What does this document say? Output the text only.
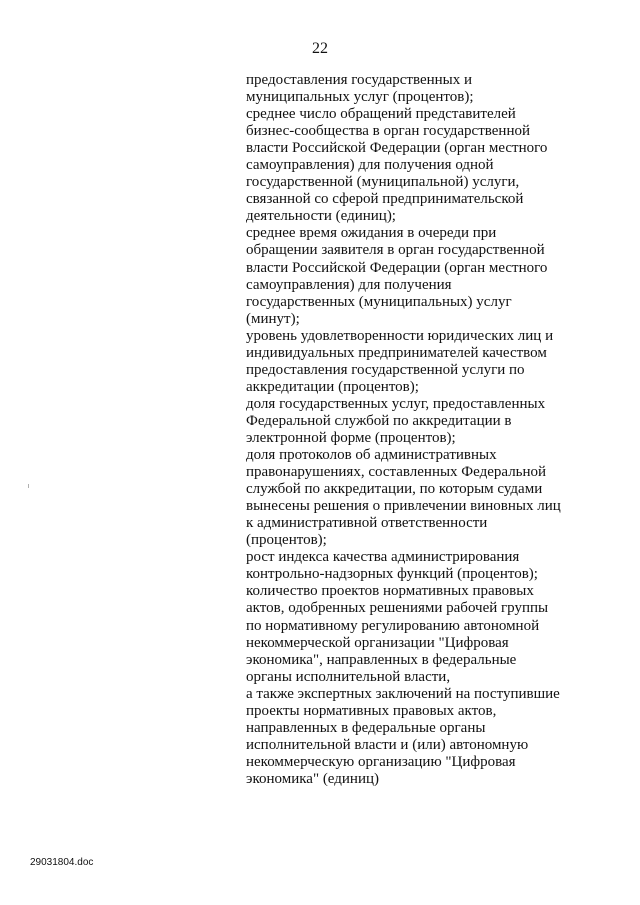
22
предоставления государственных и
муниципальных услуг (процентов);
среднее число обращений представителей
бизнес-сообщества в орган государственной
власти Российской Федерации (орган местного
самоуправления) для получения одной
государственной (муниципальной) услуги,
связанной со сферой предпринимательской
деятельности (единиц);
среднее время ожидания в очереди при
обращении заявителя в орган государственной
власти Российской Федерации (орган местного
самоуправления) для получения
государственных (муниципальных) услуг
(минут);
уровень удовлетворенности юридических лиц и
индивидуальных предпринимателей качеством
предоставления государственной услуги по
аккредитации (процентов);
доля государственных услуг, предоставленных
Федеральной службой по аккредитации в
электронной форме (процентов);
доля протоколов об административных
правонарушениях, составленных Федеральной
службой по аккредитации, по которым судами
вынесены решения о привлечении виновных лиц
к административной ответственности
(процентов);
рост индекса качества администрирования
контрольно-надзорных функций (процентов);
количество проектов нормативных правовых
актов, одобренных решениями рабочей группы
по нормативному регулированию автономной
некоммерческой организации "Цифровая
экономика", направленных в федеральные
органы исполнительной власти,
а также экспертных заключений на поступившие
проекты нормативных правовых актов,
направленных в федеральные органы
исполнительной власти и (или) автономную
некоммерческую организацию "Цифровая
экономика" (единиц)
29031804.doc
